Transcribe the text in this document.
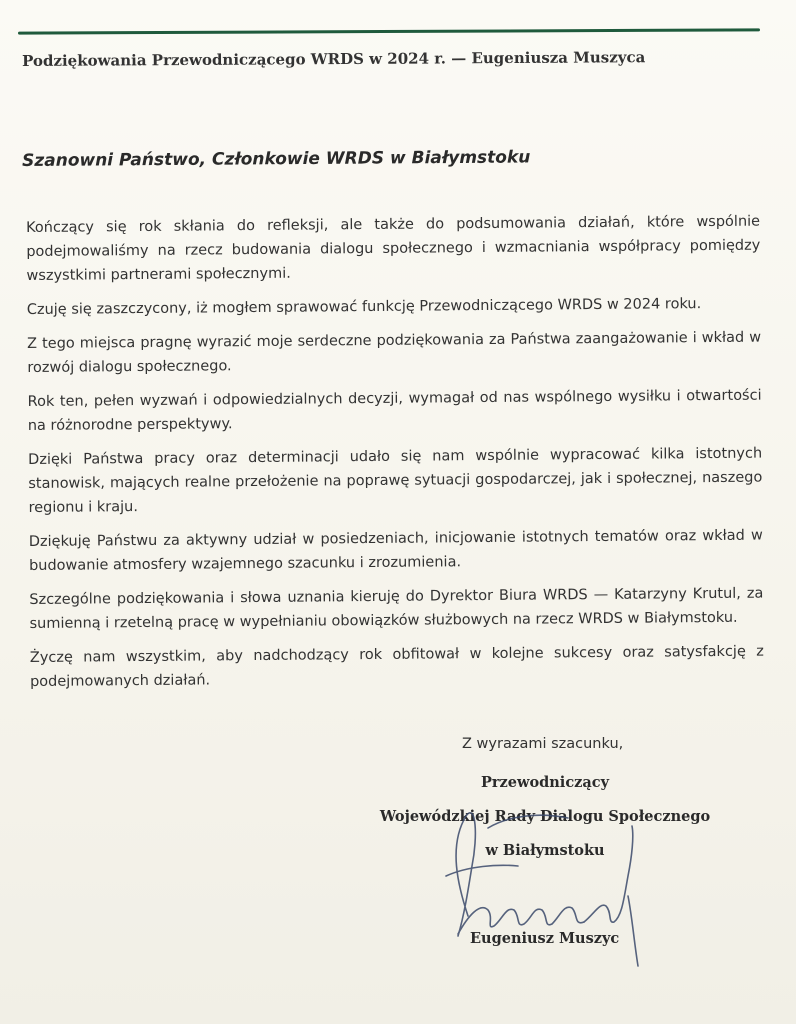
Podziękowania Przewodniczącego WRDS w 2024 r. — Eugeniusza Muszyca
Szanowni Państwo, Członkowie WRDS w Białymstoku

Kończący się rok skłania do refleksji, ale także do podsumowania działań, które wspólnie podejmowaliśmy na rzecz budowania dialogu społecznego i wzmacniania współpracy pomiędzy wszystkimi partnerami społecznymi.

Czuję się zaszczycony, iż mogłem sprawować funkcję Przewodniczącego WRDS w 2024 roku.

Z tego miejsca pragnę wyrazić moje serdeczne podziękowania za Państwa zaangażowanie i wkład w rozwój dialogu społecznego.

Rok ten, pełen wyzwań i odpowiedzialnych decyzji, wymagał od nas wspólnego wysiłku i otwartości na różnorodne perspektywy.

Dzięki Państwa pracy oraz determinacji udało się nam wspólnie wypracować kilka istotnych stanowisk, mających realne przełożenie na poprawę sytuacji gospodarczej, jak i społecznej, naszego regionu i kraju.

Dziękuję Państwu za aktywny udział w posiedzeniach, inicjowanie istotnych tematów oraz wkład w budowanie atmosfery wzajemnego szacunku i zrozumienia.

Szczególne podziękowania i słowa uznania kieruję do Dyrektor Biura WRDS — Katarzyny Krutul, za sumienną i rzetelną pracę w wypełnianiu obowiązków służbowych na rzecz WRDS w Białymstoku.

Życzę nam wszystkim, aby nadchodzący rok obfitował w kolejne sukcesy oraz satysfakcję z podejmowanych działań.

Z wyrazami szacunku,
Przewodniczący
Wojewódzkiej Rady Dialogu Społecznego
w Białymstoku
Eugeniusz Muszyc
